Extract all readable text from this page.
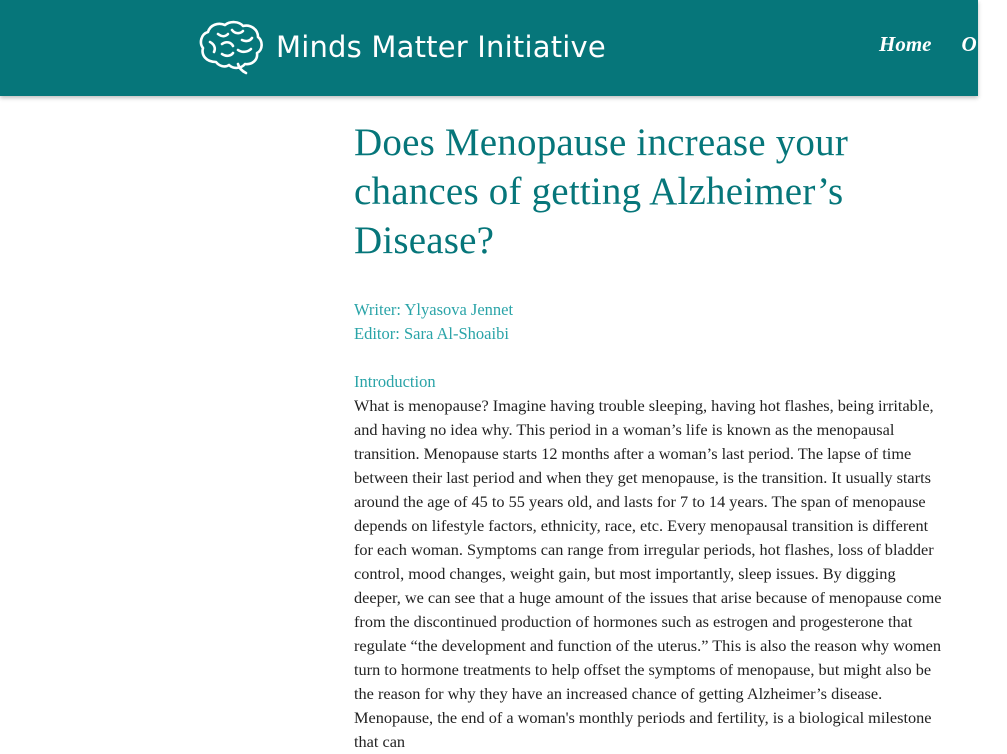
Minds Matter Initiative	Home O
Does Menopause increase your chances of getting Alzheimer’s Disease?
Writer: Ylyasova Jennet
Editor: Sara Al-Shoaibi
Introduction

What is menopause? Imagine having trouble sleeping, having hot flashes, being irritable, and having no idea why. This period in a woman’s life is known as the menopausal transition. Menopause starts 12 months after a woman’s last period. The lapse of time between their last period and when they get menopause, is the transition. It usually starts around the age of 45 to 55 years old, and lasts for 7 to 14 years. The span of menopause depends on lifestyle factors, ethnicity, race, etc. Every menopausal transition is different for each woman. Symptoms can range from irregular periods, hot flashes, loss of bladder control, mood changes, weight gain, but most importantly, sleep issues. By digging deeper, we can see that a huge amount of the issues that arise because of menopause come from the discontinued production of hormones such as estrogen and progesterone that regulate “the development and function of the uterus.” This is also the reason why women turn to hormone treatments to help offset the symptoms of menopause, but might also be the reason for why they have an increased chance of getting Alzheimer’s disease. Menopause, the end of a woman's monthly periods and fertility, is a biological milestone that can
